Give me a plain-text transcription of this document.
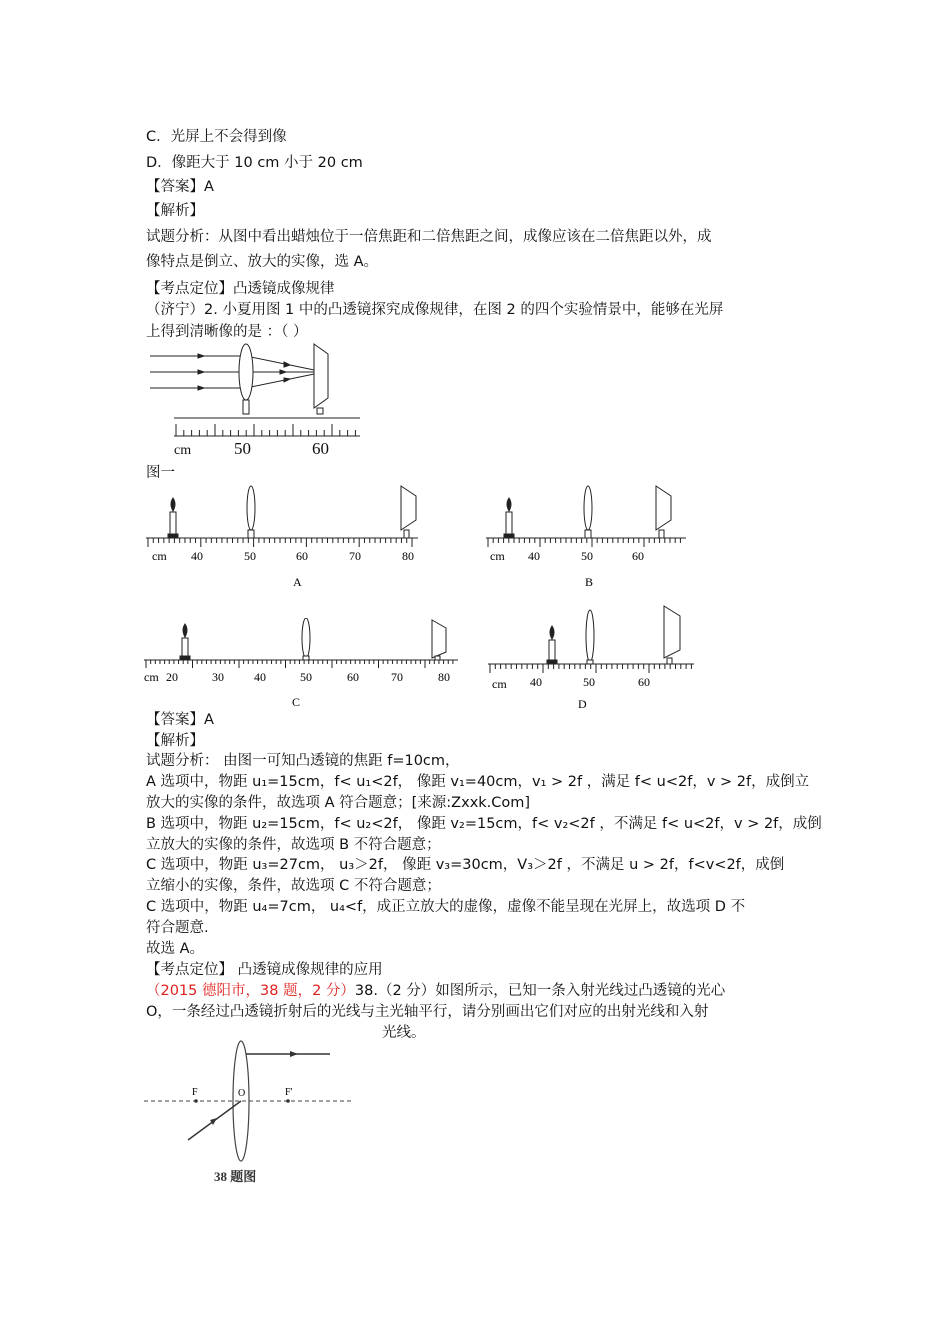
C．光屏上不会得到像
D．像距大于 10 cm 小于 20 cm
【答案】A
【解析】
试题分析：从图中看出蜡烛位于一倍焦距和二倍焦距之间，成像应该在二倍焦距以外，成
像特点是倒立、放大的实像，选 A。
【考点定位】凸透镜成像规律
（济宁）2. 小夏用图 1 中的凸透镜探究成像规律，在图 2 的四个实验情景中，能够在光屏
上得到清晰像的是 ：（ ）
cm	50	60
图一
cm 40	50	60	70	80
A
cm 40	50	60
B
cm 20	30	40	50	60	70	80
C
cm 40	50	60
D
【答案】A
【解析】
试题分析： 由图一可知凸透镜的焦距 f=10cm，
A 选项中，物距 u₁=15cm，f< u₁<2f， 像距 v₁=40cm，v₁ > 2f ，满足 f< u<2f，v > 2f，成倒立
放大的实像的条件，故选项 A 符合题意；[来源:Zxxk.Com]
B 选项中，物距 u₂=15cm，f< u₂<2f， 像距 v₂=15cm，f< v₂<2f ，不满足 f< u<2f，v > 2f，成倒
立放大的实像的条件，故选项 B 不符合题意；
C 选项中，物距 u₃=27cm， u₃＞2f， 像距 v₃=30cm，V₃＞2f ，不满足 u > 2f，f<v<2f，成倒
立缩小的实像，条件，故选项 C 不符合题意；
C 选项中，物距 u₄=7cm， u₄<f，成正立放大的虚像，虚像不能呈现在光屏上，故选项 D 不
符合题意.
故选 A。
【考点定位】 凸透镜成像规律的应用
（2015 德阳市，38 题，2 分）38.（2 分）如图所示，已知一条入射光线过凸透镜的光心
O，一条经过凸透镜折射后的光线与主光轴平行，请分别画出它们对应的出射光线和入射
光线。
F	O	F'
38 题图
